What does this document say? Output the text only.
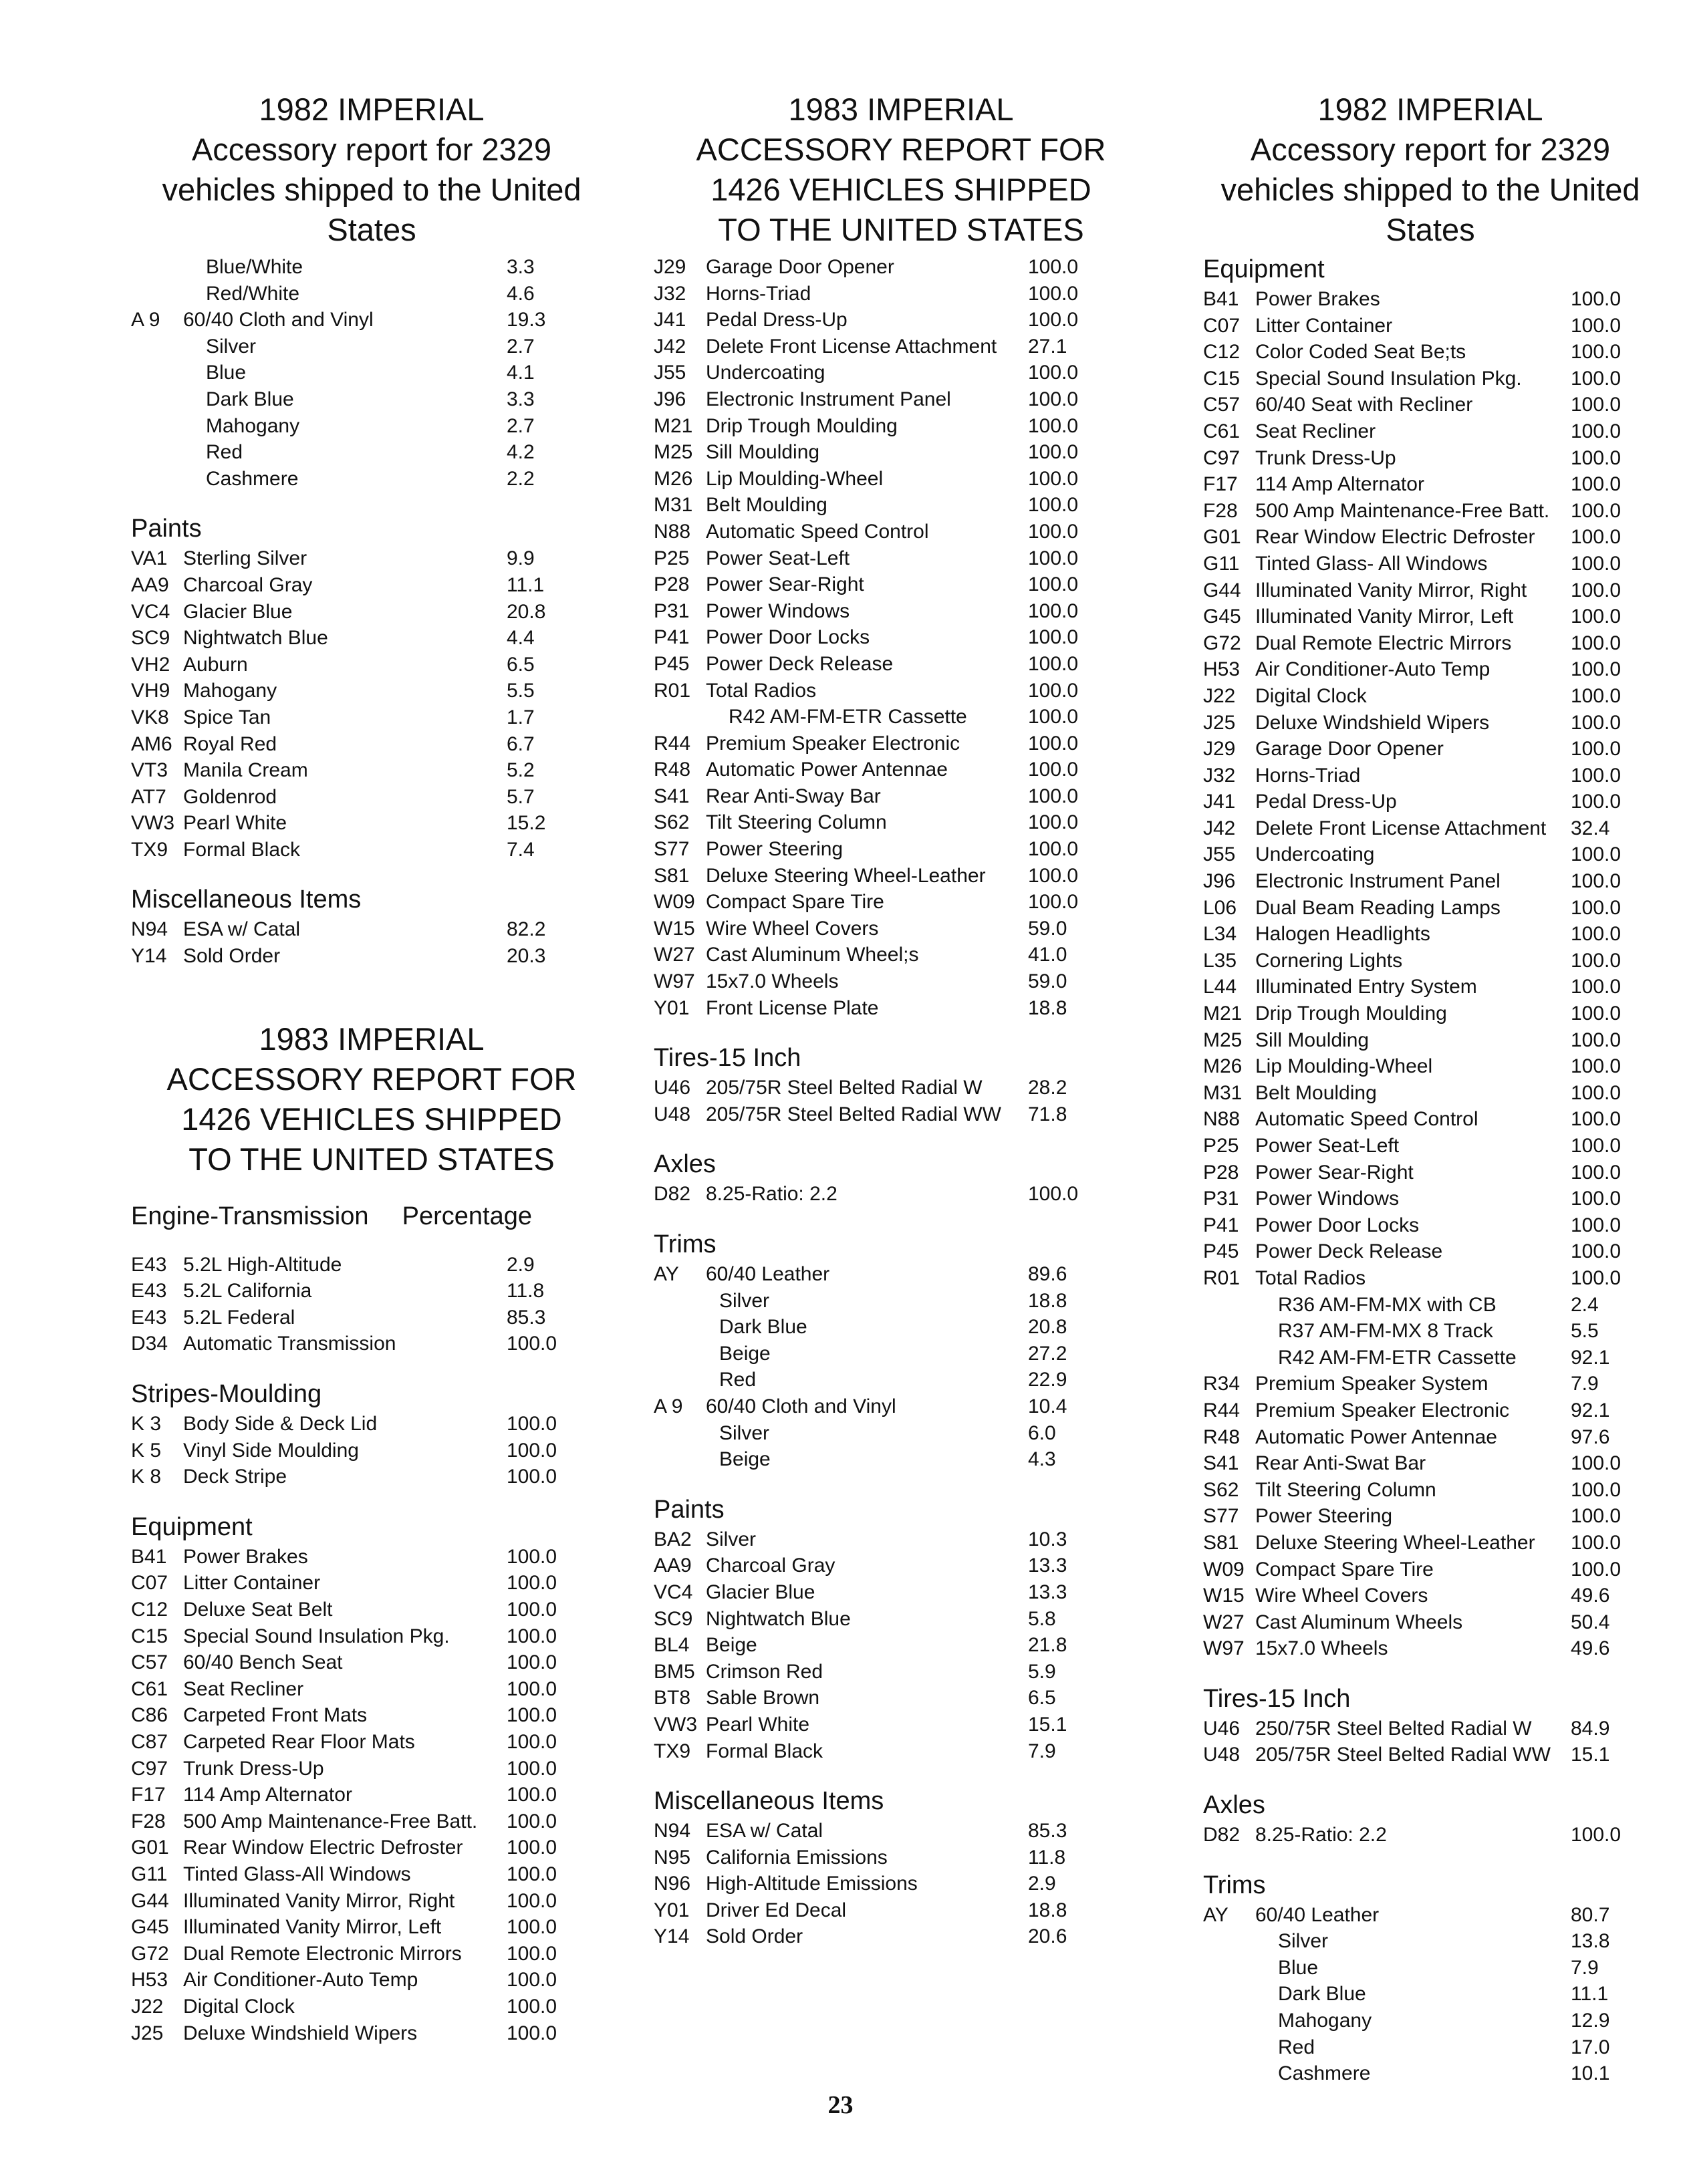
1982 IMPERIAL
Accessory report for 2329
vehicles shipped to the United States
Blue/White	3.3
Red/White	4.6
A 9 60/40 Cloth and Vinyl	19.3
Silver	2.7
Blue	4.1
Dark Blue	3.3
Mahogany	2.7
Red	4.2
Cashmere	2.2
Paints
VA1 Sterling Silver	9.9
AA9 Charcoal Gray	11.1
VC4 Glacier Blue	20.8
SC9 Nightwatch Blue	4.4
VH2 Auburn	6.5
VH9 Mahogany	5.5
VK8 Spice Tan	1.7
AM6 Royal Red	6.7
VT3 Manila Cream	5.2
AT7 Goldenrod	5.7
VW3 Pearl White	15.2
TX9 Formal Black	7.4
Miscellaneous Items
N94 ESA w/ Catal	82.2
Y14 Sold Order	20.3
1983 IMPERIAL
ACCESSORY REPORT FOR
1426 VEHICLES SHIPPED
TO THE UNITED STATES
Engine-Transmission Percentage
E43 5.2L High-Altitude	2.9
E43 5.2L California	11.8
E43 5.2L Federal	85.3
D34 Automatic Transmission	100.0
Stripes-Moulding
K 3 Body Side & Deck Lid	100.0
K 5 Vinyl Side Moulding	100.0
K 8 Deck Stripe	100.0
Equipment
B41 Power Brakes	100.0
C07 Litter Container	100.0
C12 Deluxe Seat Belt	100.0
C15 Special Sound Insulation Pkg.	100.0
C57 60/40 Bench Seat	100.0
C61 Seat Recliner	100.0
C86 Carpeted Front Mats	100.0
C87 Carpeted Rear Floor Mats	100.0
C97 Trunk Dress-Up	100.0
F17 114 Amp Alternator	100.0
F28 500 Amp Maintenance-Free Batt. 100.0
G01 Rear Window Electric Defroster 100.0
G11 Tinted Glass-All Windows	100.0
G44 Illuminated Vanity Mirror, Right	100.0
G45 Illuminated Vanity Mirror, Left	100.0
G72 Dual Remote Electronic Mirrors 100.0
H53 Air Conditioner-Auto Temp	100.0
J22 Digital Clock	100.0
J25 Deluxe Windshield Wipers	100.0
1983 IMPERIAL
ACCESSORY REPORT FOR
1426 VEHICLES SHIPPED
TO THE UNITED STATES
J29 Garage Door Opener	100.0
J32 Horns-Triad	100.0
J41 Pedal Dress-Up	100.0
J42 Delete Front License Attachment 27.1
J55 Undercoating	100.0
J96 Electronic Instrument Panel	100.0
M21 Drip Trough Moulding	100.0
M25 Sill Moulding	100.0
M26 Lip Moulding-Wheel	100.0
M31 Belt Moulding	100.0
N88 Automatic Speed Control	100.0
P25 Power Seat-Left	100.0
P28 Power Sear-Right	100.0
P31 Power Windows	100.0
P41 Power Door Locks	100.0
P45 Power Deck Release	100.0
R01 Total Radios	100.0
R42 AM-FM-ETR Cassette	100.0
R44 Premium Speaker Electronic	100.0
R48 Automatic Power Antennae	100.0
S41 Rear Anti-Sway Bar	100.0
S62 Tilt Steering Column	100.0
S77 Power Steering	100.0
S81 Deluxe Steering Wheel-Leather 100.0
W09 Compact Spare Tire	100.0
W15 Wire Wheel Covers	59.0
W27 Cast Aluminum Wheel;s	41.0
W97 15x7.0 Wheels	59.0
Y01 Front License Plate	18.8
Tires-15 Inch
U46 205/75R Steel Belted Radial W 28.2
U48 205/75R Steel Belted Radial WW 71.8
Axles
D82 8.25-Ratio: 2.2	100.0
Trims
AY 60/40 Leather	89.6
Silver	18.8
Dark Blue	20.8
Beige	27.2
Red	22.9
A 9 60/40 Cloth and Vinyl	10.4
Silver	6.0
Beige	4.3
Paints
BA2 Silver	10.3
AA9 Charcoal Gray	13.3
VC4 Glacier Blue	13.3
SC9 Nightwatch Blue	5.8
BL4 Beige	21.8
BM5 Crimson Red	5.9
BT8 Sable Brown	6.5
VW3 Pearl White	15.1
TX9 Formal Black	7.9
Miscellaneous Items
N94 ESA w/ Catal	85.3
N95 California Emissions	11.8
N96 High-Altitude Emissions	2.9
Y01 Driver Ed Decal	18.8
Y14 Sold Order	20.6
1982 IMPERIAL
Accessory report for 2329
vehicles shipped to the United States
Equipment
B41 Power Brakes	100.0
C07 Litter Container	100.0
C12 Color Coded Seat Be;ts	100.0
C15 Special Sound Insulation Pkg. 100.0
C57 60/40 Seat with Recliner	100.0
C61 Seat Recliner	100.0
C97 Trunk Dress-Up	100.0
F17 114 Amp Alternator	100.0
F28 500 Amp Maintenance-Free Batt. 100.0
G01 Rear Window Electric Defroster 100.0
G11 Tinted Glass- All Windows	100.0
G44 Illuminated Vanity Mirror, Right 100.0
G45 Illuminated Vanity Mirror, Left	100.0
G72 Dual Remote Electric Mirrors	100.0
H53 Air Conditioner-Auto Temp	100.0
J22 Digital Clock	100.0
J25 Deluxe Windshield Wipers	100.0
J29 Garage Door Opener	100.0
J32 Horns-Triad	100.0
J41 Pedal Dress-Up	100.0
J42 Delete Front License Attachment 32.4
J55 Undercoating	100.0
J96 Electronic Instrument Panel	100.0
L06 Dual Beam Reading Lamps	100.0
L34 Halogen Headlights	100.0
L35 Cornering Lights	100.0
L44 Illuminated Entry System	100.0
M21 Drip Trough Moulding	100.0
M25 Sill Moulding	100.0
M26 Lip Moulding-Wheel	100.0
M31 Belt Moulding	100.0
N88 Automatic Speed Control	100.0
P25 Power Seat-Left	100.0
P28 Power Sear-Right	100.0
P31 Power Windows	100.0
P41 Power Door Locks	100.0
P45 Power Deck Release	100.0
R01 Total Radios	100.0
R36 AM-FM-MX with CB	2.4
R37 AM-FM-MX 8 Track	5.5
R42 AM-FM-ETR Cassette	92.1
R34 Premium Speaker System	7.9
R44 Premium Speaker Electronic	92.1
R48 Automatic Power Antennae	97.6
S41 Rear Anti-Swat Bar	100.0
S62 Tilt Steering Column	100.0
S77 Power Steering	100.0
S81 Deluxe Steering Wheel-Leather 100.0
W09 Compact Spare Tire	100.0
W15 Wire Wheel Covers	49.6
W27 Cast Aluminum Wheels	50.4
W97 15x7.0 Wheels	49.6
Tires-15 Inch
U46 250/75R Steel Belted Radial W 84.9
U48 205/75R Steel Belted Radial WW 15.1
Axles
D82 8.25-Ratio: 2.2	100.0
Trims
AY 60/40 Leather	80.7
Silver	13.8
Blue	7.9
Dark Blue	11.1
Mahogany	12.9
Red	17.0
Cashmere	10.1
23
